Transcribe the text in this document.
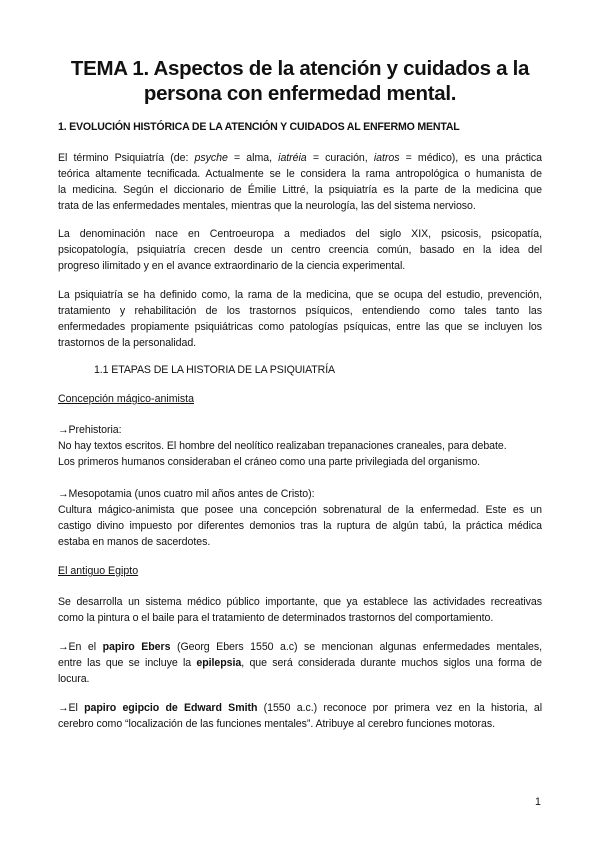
TEMA 1. Aspectos de la atención y cuidados a la
persona con enfermedad mental.
1. EVOLUCIÓN HISTÓRICA DE LA ATENCIÓN Y CUIDADOS AL ENFERMO MENTAL

El término Psiquiatría (de: psyche = alma, iatréia = curación, iatros = médico), es una práctica
teórica altamente tecnificada. Actualmente se le considera la rama antropológica o humanista de
la medicina. Según el diccionario de Émilie Littré, la psiquiatría es la parte de la medicina que
trata de las enfermedades mentales, mientras que la neurología, las del sistema nervioso.

La denominación nace en Centroeuropa a mediados del siglo XIX, psicosis, psicopatía,
psicopatología, psiquiatría crecen desde un centro creencia común, basado en la idea del
progreso ilimitado y en el avance extraordinario de la ciencia experimental.

La psiquiatría se ha definido como, la rama de la medicina, que se ocupa del estudio, prevención,
tratamiento y rehabilitación de los trastornos psíquicos, entendiendo como tales tanto las
enfermedades propiamente psiquiátricas como patologías psíquicas, entre las que se incluyen los
trastornos de la personalidad.

1.1 ETAPAS DE LA HISTORIA DE LA PSIQUIATRÍA

Concepción mágico-animista

→Prehistoria:
No hay textos escritos. El hombre del neolítico realizaban trepanaciones craneales, para debate.
Los primeros humanos consideraban el cráneo como una parte privilegiada del organismo.

→Mesopotamia (unos cuatro mil años antes de Cristo):
Cultura mágico-animista que posee una concepción sobrenatural de la enfermedad. Este es un
castigo divino impuesto por diferentes demonios tras la ruptura de algún tabú, la práctica médica
estaba en manos de sacerdotes.

El antiguo Egipto

Se desarrolla un sistema médico público importante, que ya establece las actividades recreativas
como la pintura o el baile para el tratamiento de determinados trastornos del comportamiento.

→En el papiro Ebers (Georg Ebers 1550 a.c) se mencionan algunas enfermedades mentales,
entre las que se incluye la epilepsia, que será considerada durante muchos siglos una forma de
locura.

→El papiro egipcio de Edward Smith (1550 a.c.) reconoce por primera vez en la historia, al
cerebro como “localización de las funciones mentales”. Atribuye al cerebro funciones motoras.

1
